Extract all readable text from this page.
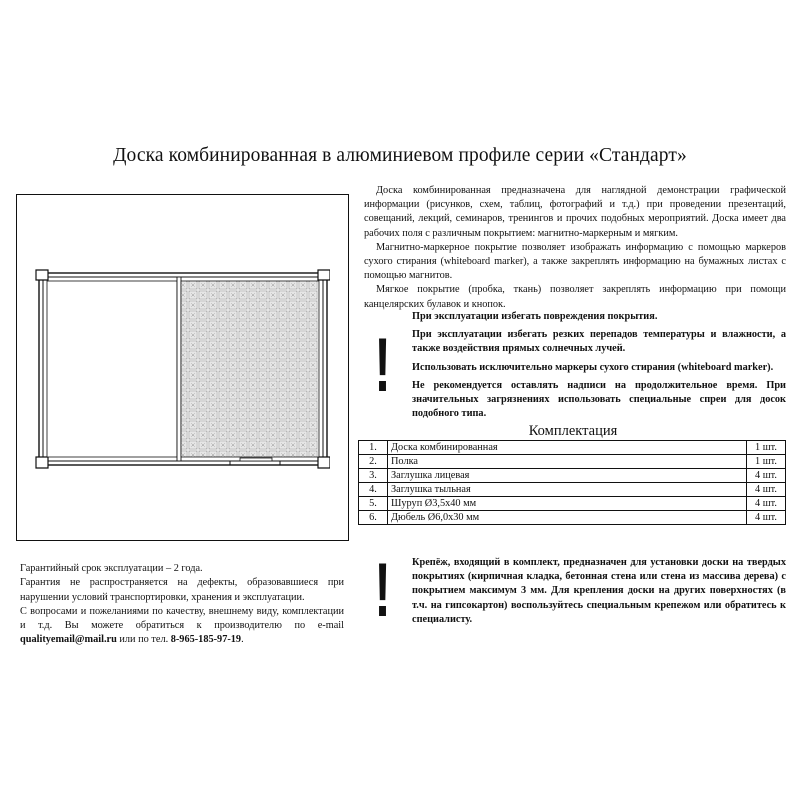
Доска комбинированная в алюминиевом профиле серии «Стандарт»

Доска комбинированная предназначена для наглядной демонстрации графической информации (рисунков, схем, таблиц, фотографий и т.д.) при проведении презентаций, совещаний, лекций, семинаров, тренингов и прочих подобных мероприятий. Доска имеет два рабочих поля с различным покрытием: магнитно-маркерным и мягким.

Магнитно-маркерное покрытие позволяет изображать информацию с помощью маркеров сухого стирания (whiteboard marker), а также закреплять информацию на бумажных листах с помощью магнитов.

Мягкое покрытие (пробка, ткань) позволяет закреплять информацию при помощи канцелярских булавок и кнопок.

!

При эксплуатации избегать повреждения покрытия.

При эксплуатации избегать резких перепадов температуры и влажности, а также воздействия прямых солнечных лучей.

Использовать исключительно маркеры сухого стирания (whiteboard marker).

Не рекомендуется оставлять надписи на продолжительное время. При значительных загрязнениях использовать специальные спреи для досок подобного типа.

Комплектация
1.	Доска комбинированная	1 шт.
2.	Полка	1 шт.
3.	Заглушка лицевая	4 шт.
4.	Заглушка тыльная	4 шт.
5.	Шуруп Ø3,5х40 мм	4 шт.
6.	Дюбель Ø6,0х30 мм	4 шт.
!	Крепёж, входящий в комплект, предназначен для установки доски на твердых покрытиях (кирпичная кладка, бетонная стена или стена из массива дерева) с покрытием максимум 3 мм. Для крепления доски на других поверхностях (в т.ч. на гипсокартон) воспользуйтесь специальным крепежом или обратитесь к специалисту.

Гарантийный срок эксплуатации – 2 года.

Гарантия не распространяется на дефекты, образовавшиеся при нарушении условий транспортировки, хранения и эксплуатации.

С вопросами и пожеланиями по качеству, внешнему виду, комплектации и т.д. Вы можете обратиться к производителю по e-mail qualityemail@mail.ru или по тел. 8-965-185-97-19.
